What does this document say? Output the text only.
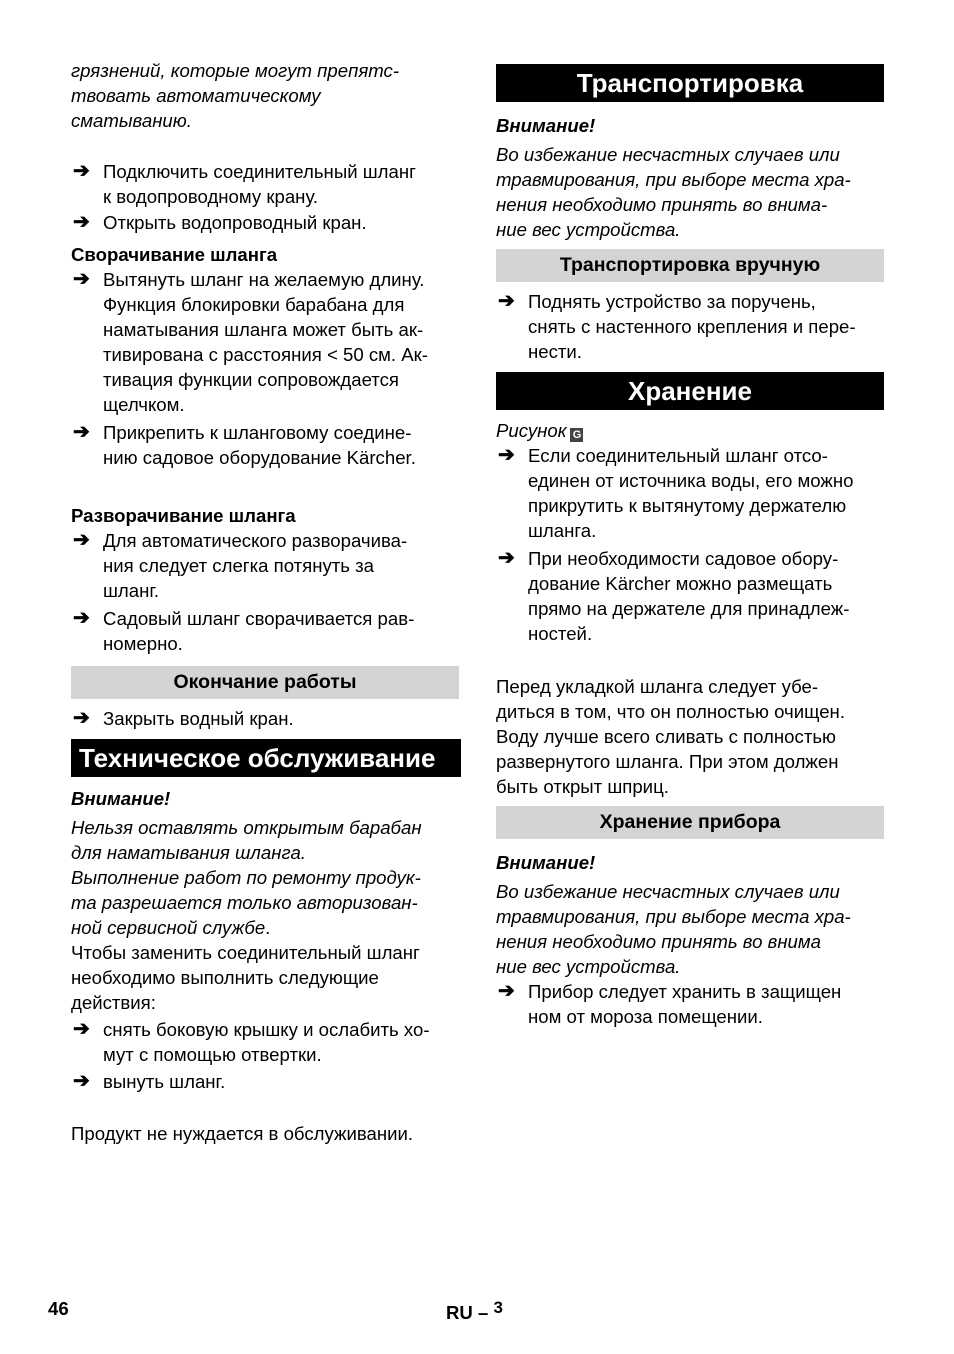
грязнений, которые могут препятс-

твовать автоматическому

сматыванию.

➔ Подключить соединительный шланг
к водопроводному крану.
➔ Открыть водопроводный кран.

Сворачивание шланга

➔ Вытянуть шланг на желаемую длину.
Функция блокировки барабана для
наматывания шланга может быть ак-
тивирована с расстояния < 50 см. Ак-
тивация функции сопровождается
щелчком.
➔ Прикрепить к шланговому соедине-
нию садовое оборудование Kärcher.

Разворачивание шланга

➔ Для автоматического разворачива-
ния следует слегка потянуть за
шланг.
➔ Садовый шланг сворачивается рав-
номерно.
Окончание работы
➔ Закрыть водный кран.
Техническое обслуживание

Внимание!

Нельзя оставлять открытым барабан

для наматывания шланга.

Выполнение работ по ремонту продук-

та разрешается только авторизован-

ной сервисной службе.

Чтобы заменить соединительный шланг

необходимо выполнить следующие

действия:

➔ снять боковую крышку и ослабить хо-
мут с помощью отвертки.
➔ вынуть шланг.

Продукт не нуждается в обслуживании.

Транспортировка

Внимание!

Во избежание несчастных случаев или

травмирования, при выборе места хра-

нения необходимо принять во внима-

ние вес устройства.

Транспортировка вручную
➔ Поднять устройство за поручень,
снять с настенного крепления и пере-
нести.
Хранение

Рисунок G

➔ Если соединительный шланг отсо-
единен от источника воды, его можно
прикрутить к вытянутому держателю
шланга.
➔ При необходимости садовое обору-
дование Kärcher можно размещать
прямо на держателе для принадлеж-
ностей.

Перед укладкой шланга следует убе-

диться в том, что он полностью очищен.

Воду лучше всего сливать с полностью

развернутого шланга. При этом должен

быть открыт шприц.

Хранение прибора

Внимание!

Во избежание несчастных случаев или

травмирования, при выборе места хра-

нения необходимо принять во внима

ние вес устройства.

➔ Прибор следует хранить в защищен
ном от мороза помещении.
46	RU – $^3$
